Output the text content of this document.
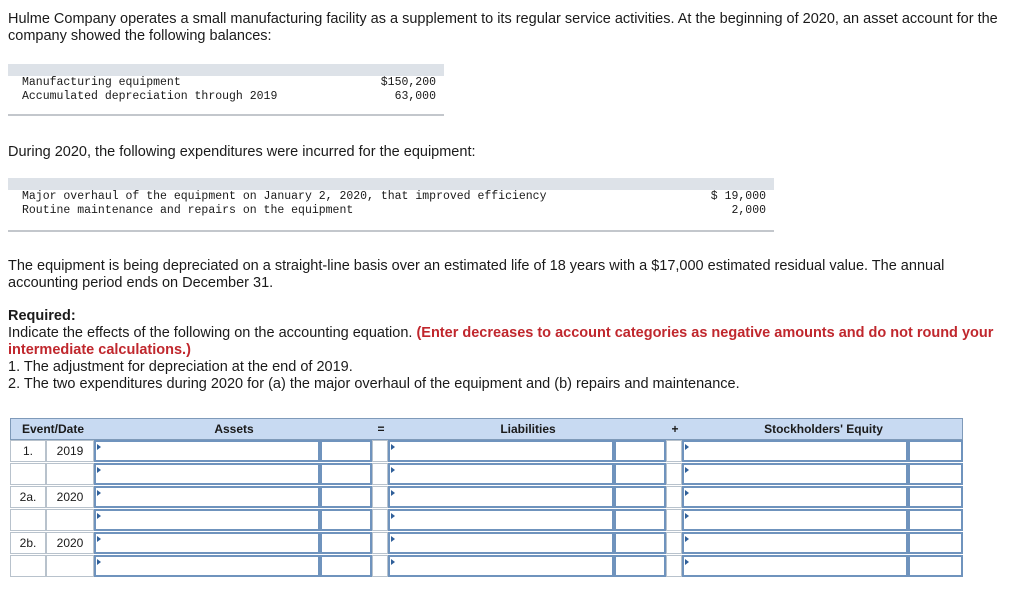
Hulme Company operates a small manufacturing facility as a supplement to its regular service activities. At the beginning of 2020, an asset account for the company showed the following balances:

Manufacturing equipment	$150,200
Accumulated depreciation through 2019	63,000

During 2020, the following expenditures were incurred for the equipment:

Major overhaul of the equipment on January 2, 2020, that improved efficiency	$ 19,000
Routine maintenance and repairs on the equipment	2,000

The equipment is being depreciated on a straight-line basis over an estimated life of 18 years with a $17,000 estimated residual value. The annual accounting period ends on December 31.

Required:
Indicate the effects of the following on the accounting equation. (Enter decreases to account categories as negative amounts and do not round your intermediate calculations.)
1. The adjustment for depreciation at the end of 2019.
2. The two expenditures during 2020 for (a) the major overhaul of the equipment and (b) repairs and maintenance.
Event/Date	Assets	=	Liabilities	+	Stockholders' Equity
1.	2019
2a.	2020
2b.	2020
